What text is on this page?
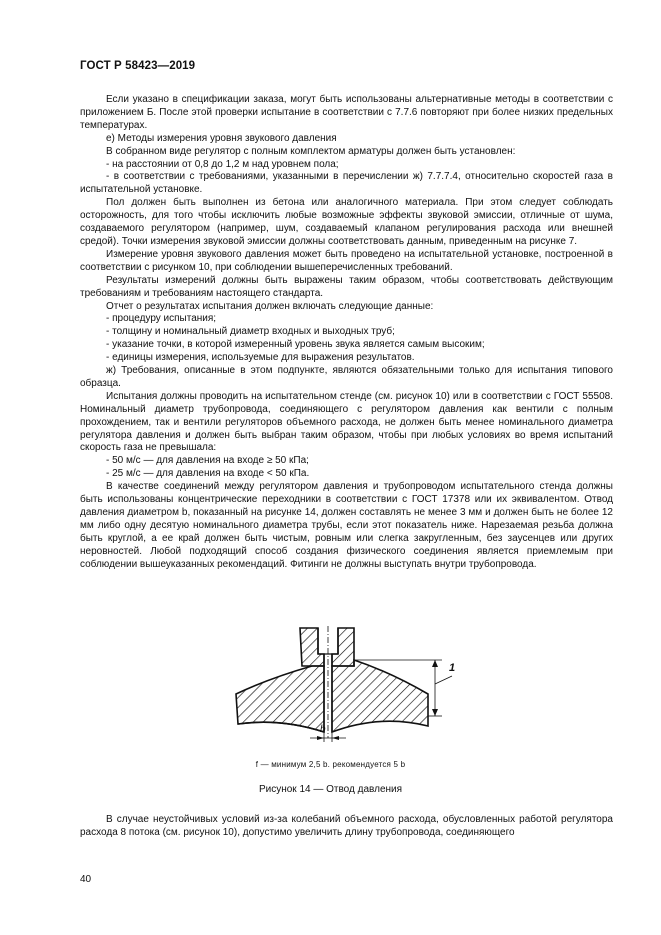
ГОСТ Р 58423—2019

Если указано в спецификации заказа, могут быть использованы альтернативные методы в соответствии с приложением Б. После этой проверки испытание в соответствии с 7.7.6 повторяют при более низких предельных температурах.

е) Методы измерения уровня звукового давления

В собранном виде регулятор с полным комплектом арматуры должен быть установлен:

- на расстоянии от 0,8 до 1,2 м над уровнем пола;

- в соответствии с требованиями, указанными в перечислении ж) 7.7.7.4, относительно скоростей газа в испытательной установке.

Пол должен быть выполнен из бетона или аналогичного материала. При этом следует соблюдать осторожность, для того чтобы исключить любые возможные эффекты звуковой эмиссии, отличные от шума, создаваемого регулятором (например, шум, создаваемый клапаном регулирования расхода или внешней средой). Точки измерения звуковой эмиссии должны соответствовать данным, приведенным на рисунке 7.

Измерение уровня звукового давления может быть проведено на испытательной установке, построенной в соответствии с рисунком 10, при соблюдении вышеперечисленных требований.

Результаты измерений должны быть выражены таким образом, чтобы соответствовать действующим требованиям и требованиям настоящего стандарта.

Отчет о результатах испытания должен включать следующие данные:

- процедуру испытания;

- толщину и номинальный диаметр входных и выходных труб;

- указание точки, в которой измеренный уровень звука является самым высоким;

- единицы измерения, используемые для выражения результатов.

ж) Требования, описанные в этом подпункте, являются обязательными только для испытания типового образца.

Испытания должны проводить на испытательном стенде (см. рисунок 10) или в соответствии с ГОСТ 55508. Номинальный диаметр трубопровода, соединяющего с регулятором давления как вентили с полным прохождением, так и вентили регуляторов объемного расхода, не должен быть менее номинального диаметра регулятора давления и должен быть выбран таким образом, чтобы при любых условиях во время испытаний скорость газа не превышала:

- 50 м/с — для давления на входе ≥ 50 кПа;

- 25 м/с — для давления на входе < 50 кПа.

В качестве соединений между регулятором давления и трубопроводом испытательного стенда должны быть использованы концентрические переходники в соответствии с ГОСТ 17378 или их эквивалентом. Отвод давления диаметром b, показанный на рисунке 14, должен составлять не менее 3 мм и должен быть не более 12 мм либо одну десятую номинального диаметра трубы, если этот показатель ниже. Нарезаемая резьба должна быть круглой, а ее край должен быть чистым, ровным или слегка закругленным, без заусенцев или других неровностей. Любой подходящий способ создания физического соединения является приемлемым при соблюдении вышеуказанных рекомендаций. Фитинги не должны выступать внутри трубопровода.

1
b
f — минимум 2,5 b. рекомендуется 5 b
Рисунок 14 — Отвод давления

В случае неустойчивых условий из-за колебаний объемного расхода, обусловленных работой регулятора расхода 8 потока (см. рисунок 10), допустимо увеличить длину трубопровода, соединяющего

40
